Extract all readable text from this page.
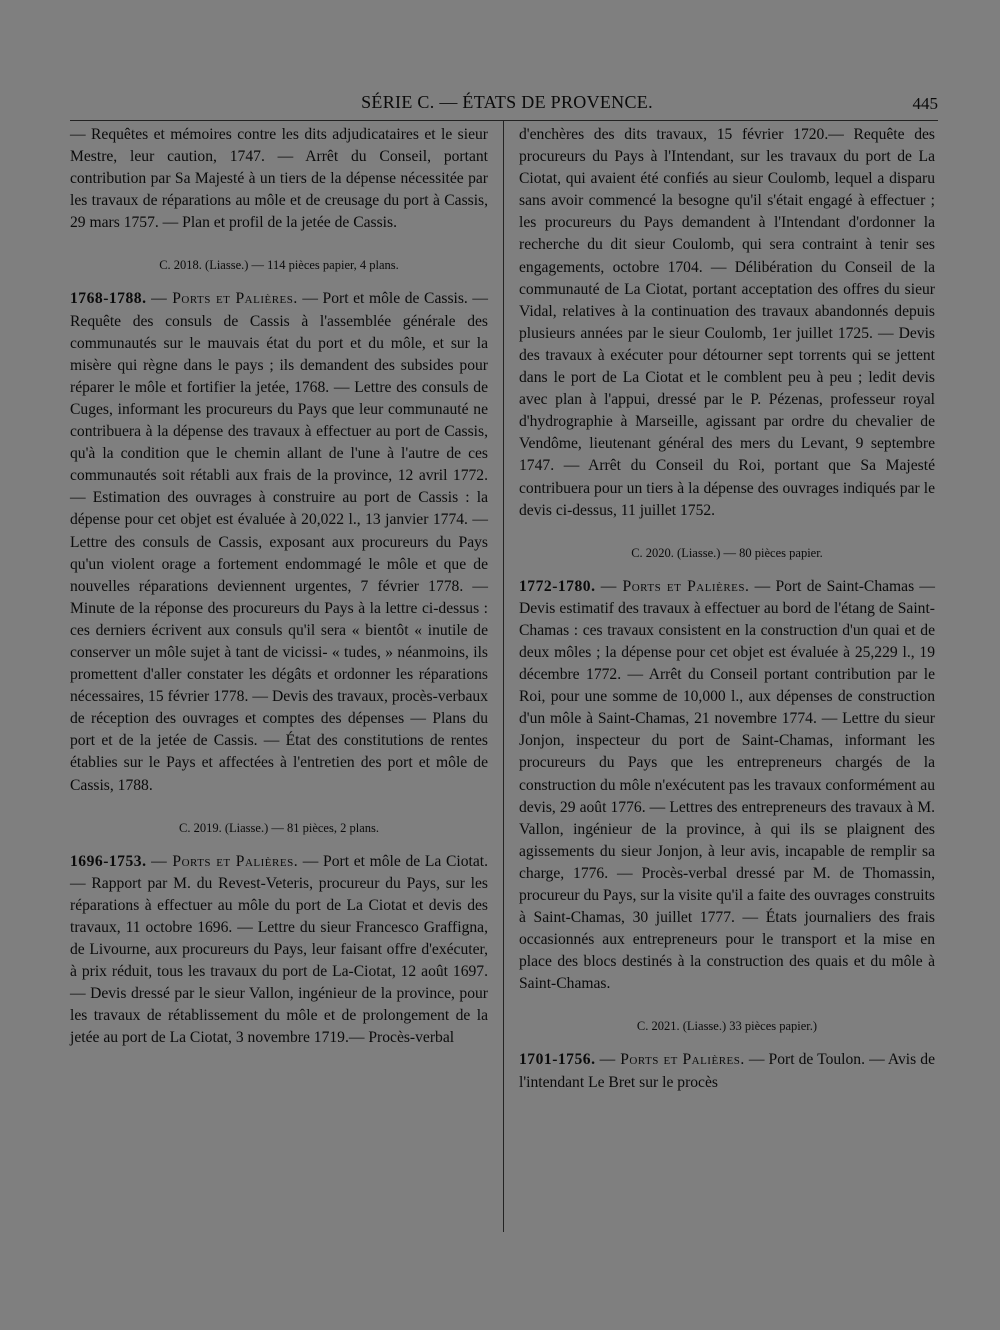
SÉRIE C. — ÉTATS DE PROVENCE.	445

— Requêtes et mémoires contre les dits adjudicataires et le sieur Mestre, leur caution, 1747. — Arrêt du Conseil, portant contribution par Sa Majesté à un tiers de la dépense nécessitée par les travaux de réparations au môle et de creusage du port à Cassis, 29 mars 1757. — Plan et profil de la jetée de Cassis.

C. 2018. (Liasse.) — 114 pièces papier, 4 plans.

1768-1788. — Ports et Palières. — Port et môle de Cassis. — Requête des consuls de Cassis à l'assemblée générale des communautés sur le mauvais état du port et du môle, et sur la misère qui règne dans le pays ; ils demandent des subsides pour réparer le môle et fortifier la jetée, 1768. — Lettre des consuls de Cuges, informant les procureurs du Pays que leur communauté ne contribuera à la dépense des travaux à effectuer au port de Cassis, qu'à la condition que le chemin allant de l'une à l'autre de ces communautés soit rétabli aux frais de la province, 12 avril 1772. — Estimation des ouvrages à construire au port de Cassis : la dépense pour cet objet est évaluée à 20,022 l., 13 janvier 1774. — Lettre des consuls de Cassis, exposant aux procureurs du Pays qu'un violent orage a fortement endommagé le môle et que de nouvelles réparations deviennent urgentes, 7 février 1778. — Minute de la réponse des procureurs du Pays à la lettre ci-dessus : ces derniers écrivent aux consuls qu'il sera « bientôt « inutile de conserver un môle sujet à tant de vicissi- « tudes, » néanmoins, ils promettent d'aller constater les dégâts et ordonner les réparations nécessaires, 15 février 1778. — Devis des travaux, procès-verbaux de réception des ouvrages et comptes des dépenses — Plans du port et de la jetée de Cassis. — État des constitutions de rentes établies sur le Pays et affectées à l'entretien des port et môle de Cassis, 1788.

C. 2019. (Liasse.) — 81 pièces, 2 plans.

1696-1753. — Ports et Palières. — Port et môle de La Ciotat. — Rapport par M. du Revest-Veteris, procureur du Pays, sur les réparations à effectuer au môle du port de La Ciotat et devis des travaux, 11 octobre 1696. — Lettre du sieur Francesco Graffigna, de Livourne, aux procureurs du Pays, leur faisant offre d'exécuter, à prix réduit, tous les travaux du port de La-Ciotat, 12 août 1697. — Devis dressé par le sieur Vallon, ingénieur de la province, pour les travaux de rétablissement du môle et de prolongement de la jetée au port de La Ciotat, 3 novembre 1719.— Procès-verbal

d'enchères des dits travaux, 15 février 1720.— Requête des procureurs du Pays à l'Intendant, sur les travaux du port de La Ciotat, qui avaient été confiés au sieur Coulomb, lequel a disparu sans avoir commencé la besogne qu'il s'était engagé à effectuer ; les procureurs du Pays demandent à l'Intendant d'ordonner la recherche du dit sieur Coulomb, qui sera contraint à tenir ses engagements, octobre 1704. — Délibération du Conseil de la communauté de La Ciotat, portant acceptation des offres du sieur Vidal, relatives à la continuation des travaux abandonnés depuis plusieurs années par le sieur Coulomb, 1er juillet 1725. — Devis des travaux à exécuter pour détourner sept torrents qui se jettent dans le port de La Ciotat et le comblent peu à peu ; ledit devis avec plan à l'appui, dressé par le P. Pézenas, professeur royal d'hydrographie à Marseille, agissant par ordre du chevalier de Vendôme, lieutenant général des mers du Levant, 9 septembre 1747. — Arrêt du Conseil du Roi, portant que Sa Majesté contribuera pour un tiers à la dépense des ouvrages indiqués par le devis ci-dessus, 11 juillet 1752.

C. 2020. (Liasse.) — 80 pièces papier.

1772-1780. — Ports et Palières. — Port de Saint-Chamas — Devis estimatif des travaux à effectuer au bord de l'étang de Saint-Chamas : ces travaux consistent en la construction d'un quai et de deux môles ; la dépense pour cet objet est évaluée à 25,229 l., 19 décembre 1772. — Arrêt du Conseil portant contribution par le Roi, pour une somme de 10,000 l., aux dépenses de construction d'un môle à Saint-Chamas, 21 novembre 1774. — Lettre du sieur Jonjon, inspecteur du port de Saint-Chamas, informant les procureurs du Pays que les entrepreneurs chargés de la construction du môle n'exécutent pas les travaux conformément au devis, 29 août 1776. — Lettres des entrepreneurs des travaux à M. Vallon, ingénieur de la province, à qui ils se plaignent des agissements du sieur Jonjon, à leur avis, incapable de remplir sa charge, 1776. — Procès-verbal dressé par M. de Thomassin, procureur du Pays, sur la visite qu'il a faite des ouvrages construits à Saint-Chamas, 30 juillet 1777. — États journaliers des frais occasionnés aux entrepreneurs pour le transport et la mise en place des blocs destinés à la construction des quais et du môle à Saint-Chamas.

C. 2021. (Liasse.) 33 pièces papier.)

1701-1756. — Ports et Palières. — Port de Toulon. — Avis de l'intendant Le Bret sur le procès
